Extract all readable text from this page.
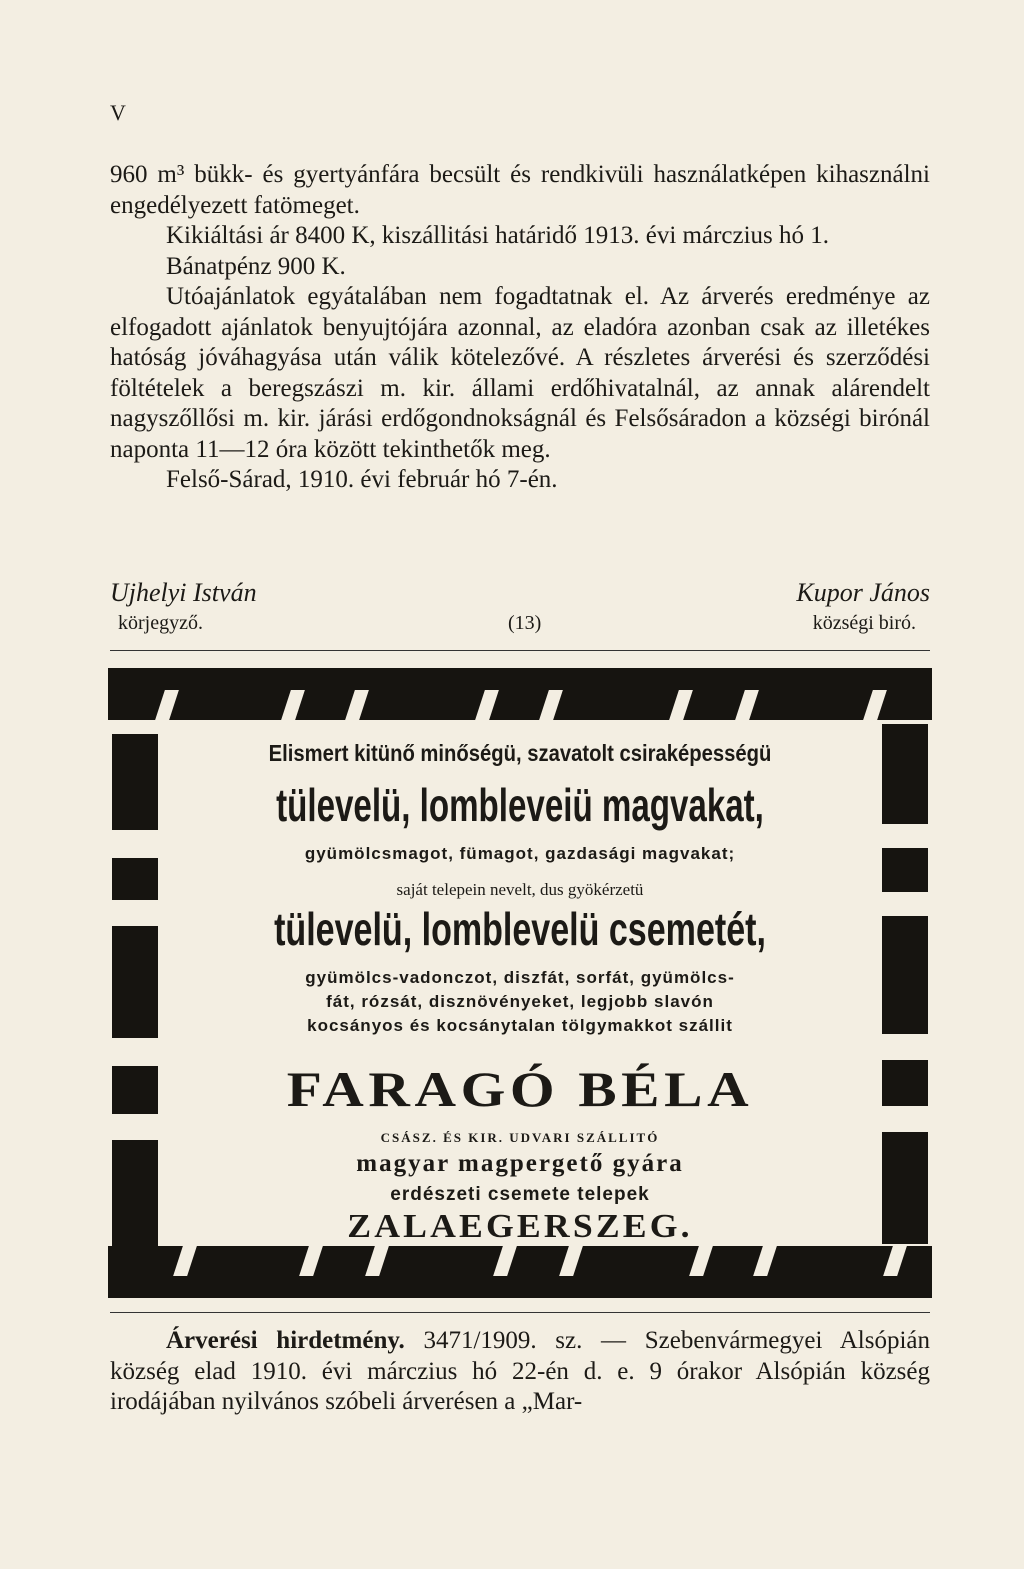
V

960 m³ bükk- és gyertyánfára becsült és rendkivüli használatképen kihasználni engedélyezett fatömeget.

Kikiáltási ár 8400 K, kiszállitási határidő 1913. évi márczius hó 1.

Bánatpénz 900 K.

Utóajánlatok egyátalában nem fogadtatnak el. Az árverés eredménye az elfogadott ajánlatok benyujtójára azonnal, az eladóra azonban csak az illetékes hatóság jóváhagyása után válik kötelezővé. A részletes árverési és szerződési föltételek a beregszászi m. kir. állami erdőhivatalnál, az annak alárendelt nagyszőllősi m. kir. járási erdőgondnokságnál és Felsősáradon a községi birónál naponta 11—12 óra között tekinthetők meg.

Felső-Sárad, 1910. évi február hó 7-én.

Ujhelyi István	Kupor János
körjegyző.	(13)	községi biró.

Elismert kitünő minőségü, szavatolt csiraképességü

tülevelü, lombleveiü magvakat,

gyümölcsmagot, fümagot, gazdasági magvakat;

saját telepein nevelt, dus gyökérzetü

tülevelü, lomblevelü csemetét,

gyümölcs-vadonczot, diszfát, sorfát, gyümölcs-

fát, rózsát, disznövényeket, legjobb slavón

kocsányos és kocsánytalan tölgymakkot szállit

FARAGÓ BÉLA

CSÁSZ. ÉS KIR. UDVARI SZÁLLITÓ

magyar magpergető gyára

erdészeti csemete telepek

ZALAEGERSZEG.

Árverési hirdetmény. 3471/1909. sz. — Szebenvármegyei Alsópián község elad 1910. évi márczius hó 22-én d. e. 9 órakor Alsópián község irodájában nyilvános szóbeli árverésen a „Mar-
